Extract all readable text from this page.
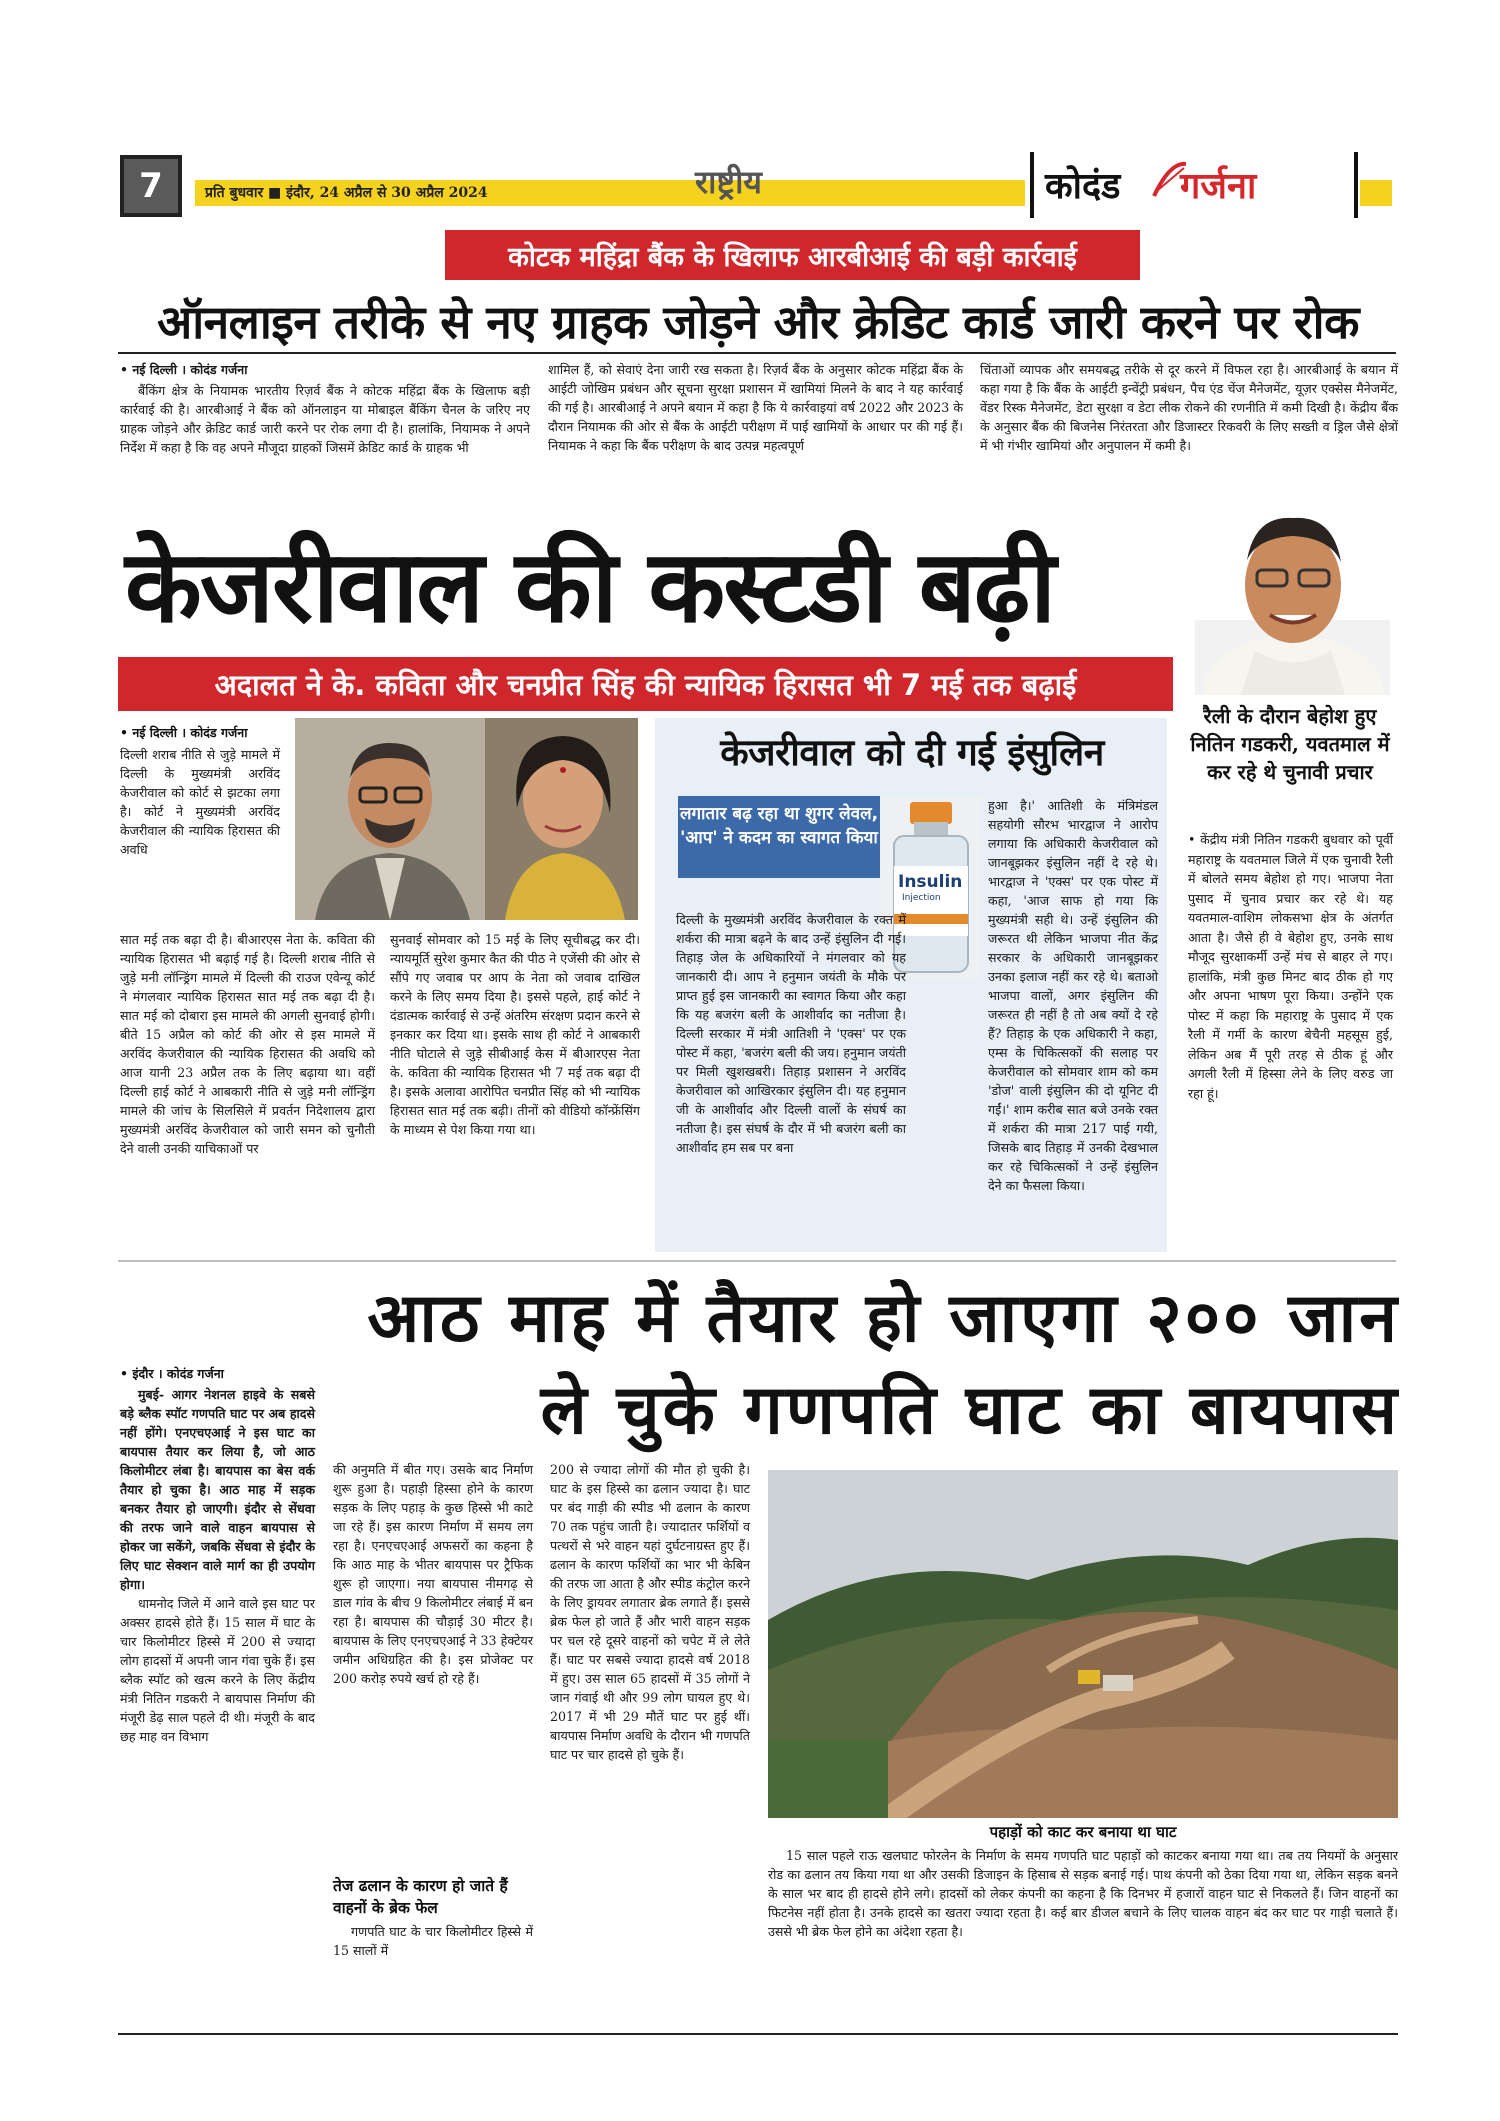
7	प्रति बुधवार ■ इंदौर, 24 अप्रैल से 30 अप्रैल 2024	राष्ट्रीय	कोदंड गर्जना
कोटक महिंद्रा बैंक के खिलाफ आरबीआई की बड़ी कार्रवाई
ऑनलाइन तरीके से नए ग्राहक जोड़ने और क्रेडिट कार्ड जारी करने पर रोक
• नई दिल्ली । कोदंड गर्जना

बैंकिंग क्षेत्र के नियामक भारतीय रिज़र्व बैंक ने कोटक महिंद्रा बैंक के खिलाफ बड़ी कार्रवाई की है। आरबीआई ने बैंक को ऑनलाइन या मोबाइल बैंकिंग चैनल के जरिए नए ग्राहक जोड़ने और क्रेडिट कार्ड जारी करने पर रोक लगा दी है। हालांकि, नियामक ने अपने निर्देश में कहा है कि वह अपने मौजूदा ग्राहकों जिसमें क्रेडिट कार्ड के ग्राहक भी

शामिल हैं, को सेवाएं देना जारी रख सकता है। रिज़र्व बैंक के अनुसार कोटक महिंद्रा बैंक के आईटी जोखिम प्रबंधन और सूचना सुरक्षा प्रशासन में खामियां मिलने के बाद ने यह कार्रवाई की गई है। आरबीआई ने अपने बयान में कहा है कि ये कार्रवाइयां वर्ष 2022 और 2023 के दौरान नियामक की ओर से बैंक के आईटी परीक्षण में पाई खामियों के आधार पर की गई हैं। नियामक ने कहा कि बैंक परीक्षण के बाद उत्पन्न महत्वपूर्ण

चिंताओं व्यापक और समयबद्ध तरीके से दूर करने में विफल रहा है। आरबीआई के बयान में कहा गया है कि बैंक के आईटी इन्वेंट्री प्रबंधन, पैच एंड चेंज मैनेजमेंट, यूज़र एक्सेस मैनेजमेंट, वेंडर रिस्क मैनेजमेंट, डेटा सुरक्षा व डेटा लीक रोकने की रणनीति में कमी दिखी है। केंद्रीय बैंक के अनुसार बैंक की बिजनेस निरंतरता और डिजास्टर रिकवरी के लिए सख्ती व ड्रिल जैसे क्षेत्रों में भी गंभीर खामियां और अनुपालन में कमी है।

केजरीवाल की कस्टडी बढ़ी
अदालत ने के. कविता और चनप्रीत सिंह की न्यायिक हिरासत भी 7 मई तक बढ़ाई
रैली के दौरान बेहोश हुए नितिन गडकरी, यवतमाल में कर रहे थे चुनावी प्रचार

• केंद्रीय मंत्री नितिन गडकरी बुधवार को पूर्वी महाराष्ट्र के यवतमाल जिले में एक चुनावी रैली में बोलते समय बेहोश हो गए। भाजपा नेता पुसाद में चुनाव प्रचार कर रहे थे। यह यवतमाल-वाशिम लोकसभा क्षेत्र के अंतर्गत आता है। जैसे ही वे बेहोश हुए, उनके साथ मौजूद सुरक्षाकर्मी उन्हें मंच से बाहर ले गए। हालांकि, मंत्री कुछ मिनट बाद ठीक हो गए और अपना भाषण पूरा किया। उन्होंने एक पोस्ट में कहा कि महाराष्ट्र के पुसाद में एक रैली में गर्मी के कारण बेचैनी महसूस हुई, लेकिन अब मैं पूरी तरह से ठीक हूं और अगली रैली में हिस्सा लेने के लिए वरुड जा रहा हूं।

• नई दिल्ली । कोदंड गर्जना

दिल्ली शराब नीति से जुड़े मामले में दिल्ली के मुख्यमंत्री अरविंद केजरीवाल को कोर्ट से झटका लगा है। कोर्ट ने मुख्यमंत्री अरविंद केजरीवाल की न्यायिक हिरासत की अवधि

सात मई तक बढ़ा दी है। बीआरएस नेता के. कविता की न्यायिक हिरासत भी बढ़ाई गई है। दिल्ली शराब नीति से जुड़े मनी लॉन्ड्रिंग मामले में दिल्ली की राउज एवेन्यू कोर्ट ने मंगलवार न्यायिक हिरासत सात मई तक बढ़ा दी है। सात मई को दोबारा इस मामले की अगली सुनवाई होगी। बीते 15 अप्रैल को कोर्ट की ओर से इस मामले में अरविंद केजरीवाल की न्यायिक हिरासत की अवधि को आज यानी 23 अप्रैल तक के लिए बढ़ाया था। वहीं दिल्ली हाई कोर्ट ने आबकारी नीति से जुड़े मनी लॉन्ड्रिंग मामले की जांच के सिलसिले में प्रवर्तन निदेशालय द्वारा मुख्यमंत्री अरविंद केजरीवाल को जारी समन को चुनौती देने वाली उनकी याचिकाओं पर

सुनवाई सोमवार को 15 मई के लिए सूचीबद्ध कर दी। न्यायमूर्ति सुरेश कुमार कैत की पीठ ने एजेंसी की ओर से सौंपे गए जवाब पर आप के नेता को जवाब दाखिल करने के लिए समय दिया है। इससे पहले, हाई कोर्ट ने दंडात्मक कार्रवाई से उन्हें अंतरिम संरक्षण प्रदान करने से इनकार कर दिया था। इसके साथ ही कोर्ट ने आबकारी नीति घोटाले से जुड़े सीबीआई केस में बीआरएस नेता के. कविता की न्यायिक हिरासत भी 7 मई तक बढ़ा दी है। इसके अलावा आरोपित चनप्रीत सिंह को भी न्यायिक हिरासत सात मई तक बढ़ी। तीनों को वीडियो कॉन्फ्रेंसिंग के माध्यम से पेश किया गया था।

केजरीवाल को दी गई इंसुलिन
लगातार बढ़ रहा था शुगर लेवल, 'आप' ने कदम का स्वागत किया
Insulin
Injection

दिल्ली के मुख्यमंत्री अरविंद केजरीवाल के रक्त में शर्करा की मात्रा बढ़ने के बाद उन्हें इंसुलिन दी गई। तिहाड़ जेल के अधिकारियों ने मंगलवार को यह जानकारी दी। आप ने हनुमान जयंती के मौके पर प्राप्त हुई इस जानकारी का स्वागत किया और कहा कि यह बजरंग बली के आशीर्वाद का नतीजा है। दिल्ली सरकार में मंत्री आतिशी ने 'एक्स' पर एक पोस्ट में कहा, 'बजरंग बली की जय। हनुमान जयंती पर मिली खुशखबरी। तिहाड़ प्रशासन ने अरविंद केजरीवाल को आखिरकार इंसुलिन दी। यह हनुमान जी के आशीर्वाद और दिल्ली वालों के संघर्ष का नतीजा है। इस संघर्ष के दौर में भी बजरंग बली का आशीर्वाद हम सब पर बना

हुआ है।' आतिशी के मंत्रिमंडल सहयोगी सौरभ भारद्वाज ने आरोप लगाया कि अधिकारी केजरीवाल को जानबूझकर इंसुलिन नहीं दे रहे थे। भारद्वाज ने 'एक्स' पर एक पोस्ट में कहा, 'आज साफ हो गया कि मुख्यमंत्री सही थे। उन्हें इंसुलिन की जरूरत थी लेकिन भाजपा नीत केंद्र सरकार के अधिकारी जानबूझकर उनका इलाज नहीं कर रहे थे। बताओ भाजपा वालों, अगर इंसुलिन की जरूरत ही नहीं है तो अब क्यों दे रहे हैं? तिहाड़ के एक अधिकारी ने कहा, एम्स के चिकित्सकों की सलाह पर केजरीवाल को सोमवार शाम को कम 'डोज' वाली इंसुलिन की दो यूनिट दी गईं।' शाम करीब सात बजे उनके रक्त में शर्करा की मात्रा 217 पाई गयी, जिसके बाद तिहाड़ में उनकी देखभाल कर रहे चिकित्सकों ने उन्हें इंसुलिन देने का फैसला किया।

आठ माह में तैयार हो जाएगा २०० जान
ले चुके गणपति घाट का बायपास
• इंदौर । कोदंड गर्जना

मुबई- आगर नेशनल हाइवे के सबसे बड़े ब्लैक स्पॉट गणपति घाट पर अब हादसे नहीं होंगे। एनएचएआई ने इस घाट का बायपास तैयार कर लिया है, जो आठ किलोमीटर लंबा है। बायपास का बेस वर्क तैयार हो चुका है। आठ माह में सड़क बनकर तैयार हो जाएगी। इंदौर से सेंधवा की तरफ जाने वाले वाहन बायपास से होकर जा सकेंगे, जबकि सेंधवा से इंदौर के लिए घाट सेक्शन वाले मार्ग का ही उपयोग होगा।

धामनोद जिले में आने वाले इस घाट पर अक्सर हादसे होते हैं। 15 साल में घाट के चार किलोमीटर हिस्से में 200 से ज्यादा लोग हादसों में अपनी जान गंवा चुके हैं। इस ब्लैक स्पॉट को खत्म करने के लिए केंद्रीय मंत्री नितिन गडकरी ने बायपास निर्माण की मंजूरी डेढ़ साल पहले दी थी। मंजूरी के बाद छह माह वन विभाग

की अनुमति में बीत गए। उसके बाद निर्माण शुरू हुआ है। पहाड़ी हिस्सा होने के कारण सड़क के लिए पहाड़ के कुछ हिस्से भी काटे जा रहे हैं। इस कारण निर्माण में समय लग रहा है। एनएचएआई अफसरों का कहना है कि आठ माह के भीतर बायपास पर ट्रैफिक शुरू हो जाएगा। नया बायपास नीमगढ़ से डाल गांव के बीच 9 किलोमीटर लंबाई में बन रहा है। बायपास की चौड़ाई 30 मीटर है। बायपास के लिए एनएचएआई ने 33 हेक्टेयर जमीन अधिग्रहित की है। इस प्रोजेक्ट पर 200 करोड़ रुपये खर्च हो रहे हैं।

तेज ढलान के कारण हो जाते हैं वाहनों के ब्रेक फेल

गणपति घाट के चार किलोमीटर हिस्से में 15 सालों में

200 से ज्यादा लोगों की मौत हो चुकी है। घाट के इस हिस्से का ढलान ज्यादा है। घाट पर बंद गाड़ी की स्पीड भी ढलान के कारण 70 तक पहुंच जाती है। ज्यादातर फर्शियों व पत्थरों से भरे वाहन यहां दुर्घटनाग्रस्त हुए हैं। ढलान के कारण फर्शियों का भार भी केबिन की तरफ जा आता है और स्पीड कंट्रोल करने के लिए ड्रायवर लगातार ब्रेक लगाते हैं। इससे ब्रेक फेल हो जाते हैं और भारी वाहन सड़क पर चल रहे दूसरे वाहनों को चपेट में ले लेते हैं। घाट पर सबसे ज्यादा हादसे वर्ष 2018 में हुए। उस साल 65 हादसों में 35 लोगों ने जान गंवाई थी और 99 लोग घायल हुए थे। 2017 में भी 29 मौतें घाट पर हुई थीं। बायपास निर्माण अवधि के दौरान भी गणपति घाट पर चार हादसे हो चुके हैं।

पहाड़ों को काट कर बनाया था घाट

15 साल पहले राऊ खलघाट फोरलेन के निर्माण के समय गणपति घाट पहाड़ों को काटकर बनाया गया था। तब तय नियमों के अनुसार रोड का ढलान तय किया गया था और उसकी डिजाइन के हिसाब से सड़क बनाई गई। पाथ कंपनी को ठेका दिया गया था, लेकिन सड़क बनने के साल भर बाद ही हादसे होने लगे। हादसों को लेकर कंपनी का कहना है कि दिनभर में हजारों वाहन घाट से निकलते हैं। जिन वाहनों का फिटनेस नहीं होता है। उनके हादसे का खतरा ज्यादा रहता है। कई बार डीजल बचाने के लिए चालक वाहन बंद कर घाट पर गाड़ी चलाते हैं। उससे भी ब्रेक फेल होने का अंदेशा रहता है।
